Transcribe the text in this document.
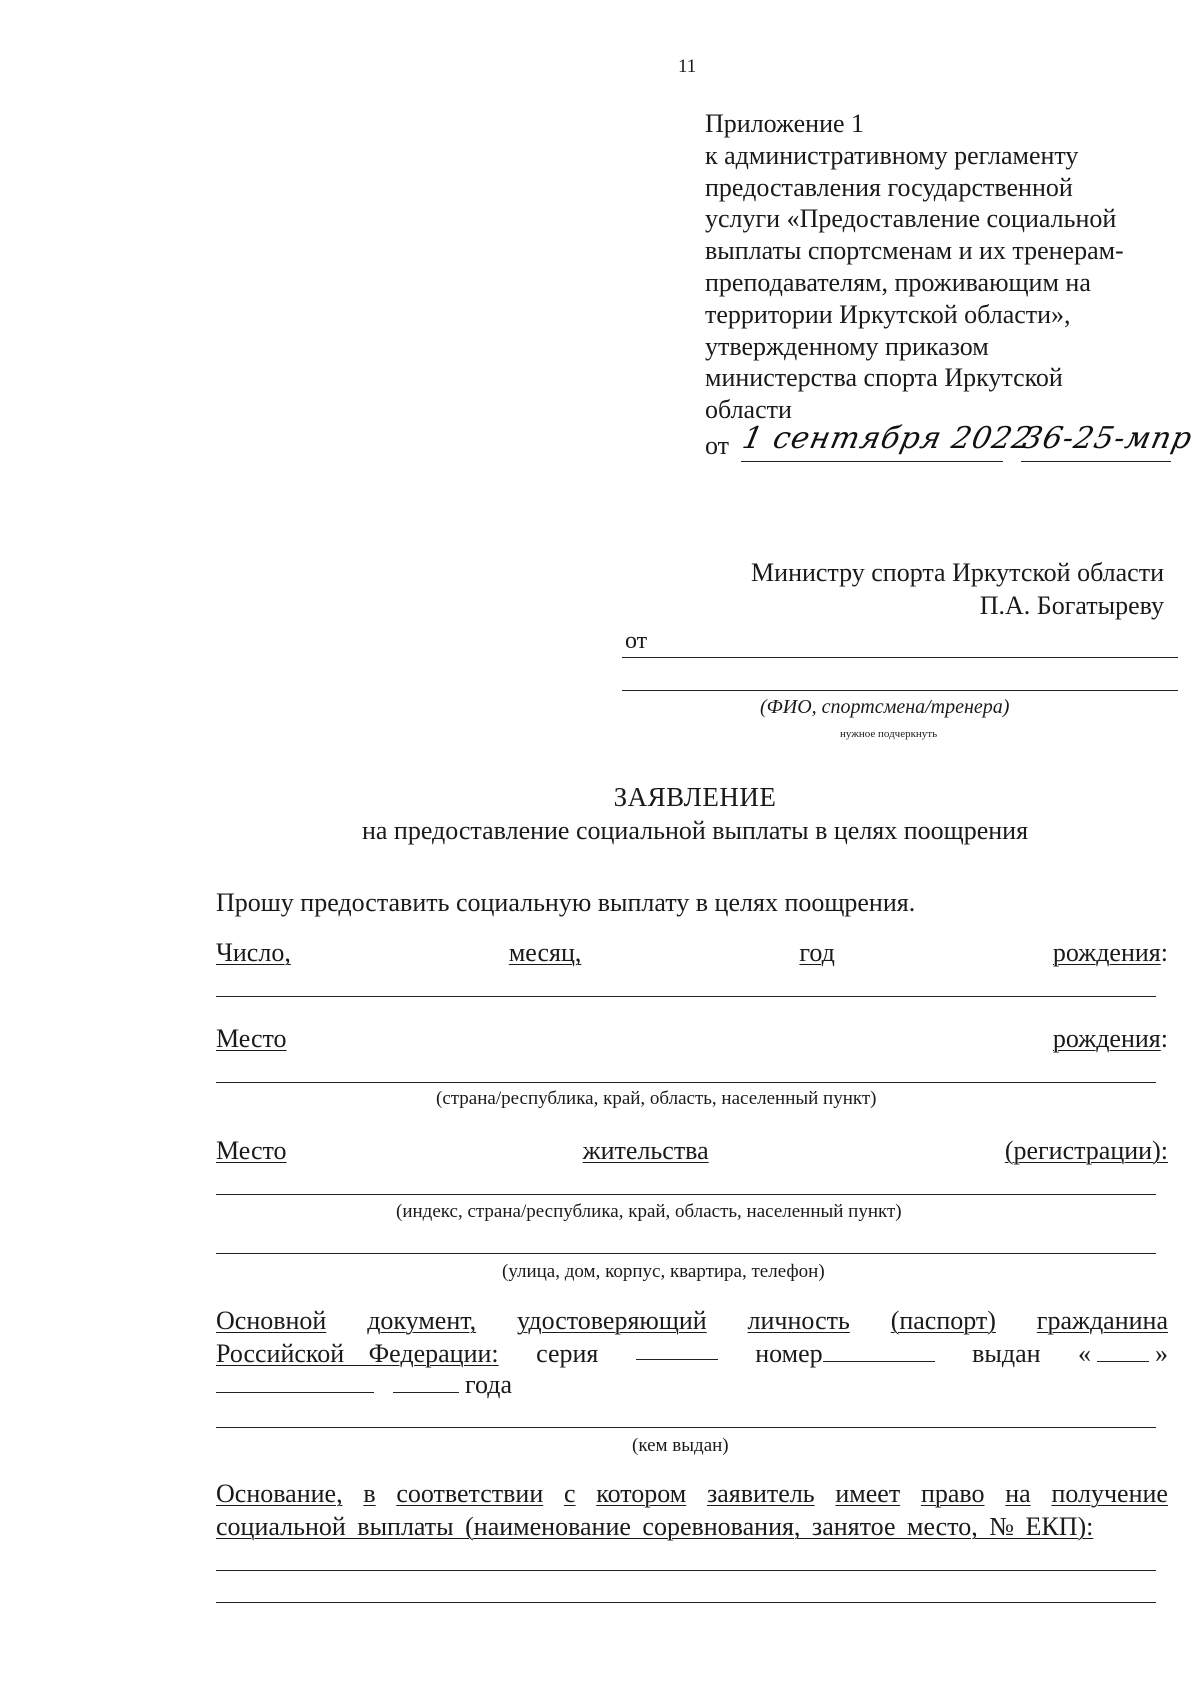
11
Приложение 1
к административному регламенту
предоставления государственной
услуги «Предоставление социальной
выплаты спортсменам и их тренерам-
преподавателям, проживающим на
территории Иркутской области»,
утвержденному приказом
министерства спорта Иркутской
области
от 1 сентября 2022
36-25-мпр
Министру спорта Иркутской области
П.А. Богатыреву
от
(ФИО, спортсмена/тренера)
нужное подчеркнуть
ЗАЯВЛЕНИЕ
на предоставление социальной выплаты в целях поощрения
Прошу предоставить социальную выплату в целях поощрения.
Число,	месяц,	год	рождения:
Место	рождения:
(страна/республика, край, область, населенный пункт)
Место	жительства	(регистрации):
(индекс, страна/республика, край, область, населенный пункт)
(улица, дом, корпус, квартира, телефон)
Основной документ, удостоверяющий личность (паспорт) гражданина
Российской Федерации: серия	номер	выдан « »
года
(кем выдан)
Основание, в соответствии с котором заявитель имеет право на получение
социальной выплаты (наименование соревнования, занятое место, № ЕКП):
